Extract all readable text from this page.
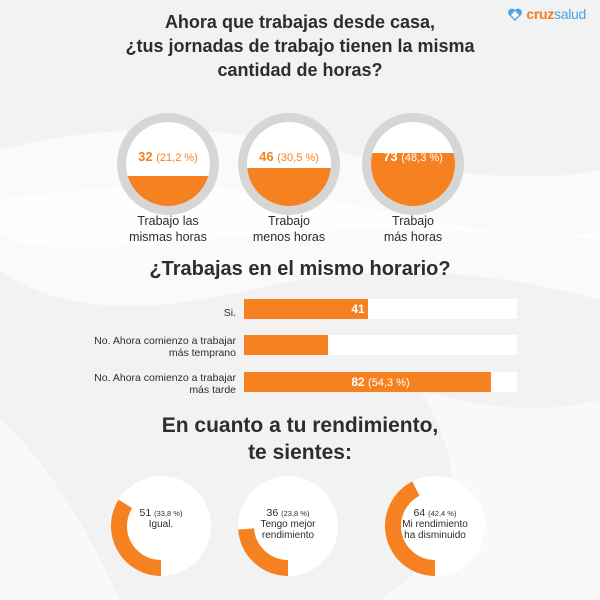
cruzsalud
Ahora que trabajas desde casa,
¿tus jornadas de trabajo tienen la misma
cantidad de horas?
32 (21,2 %)
Trabajo las
mismas horas
46 (30,5 %)
Trabajo
menos horas
73 (48,3 %)
Trabajo
más horas
¿Trabajas en el mismo horario?
Si.	41 (27,2 %)
No. Ahora comienzo a trabajar
más temprano
28 (18,5 %)
No. Ahora comienzo a trabajar
más tarde
82 (54,3 %)
En cuanto a tu rendimiento,
te sientes:
51 (33,8 %)
Igual.
36 (23,8 %)
Tengo mejor
rendimiento
64 (42,4 %)
Mi rendimiento
ha disminuido
